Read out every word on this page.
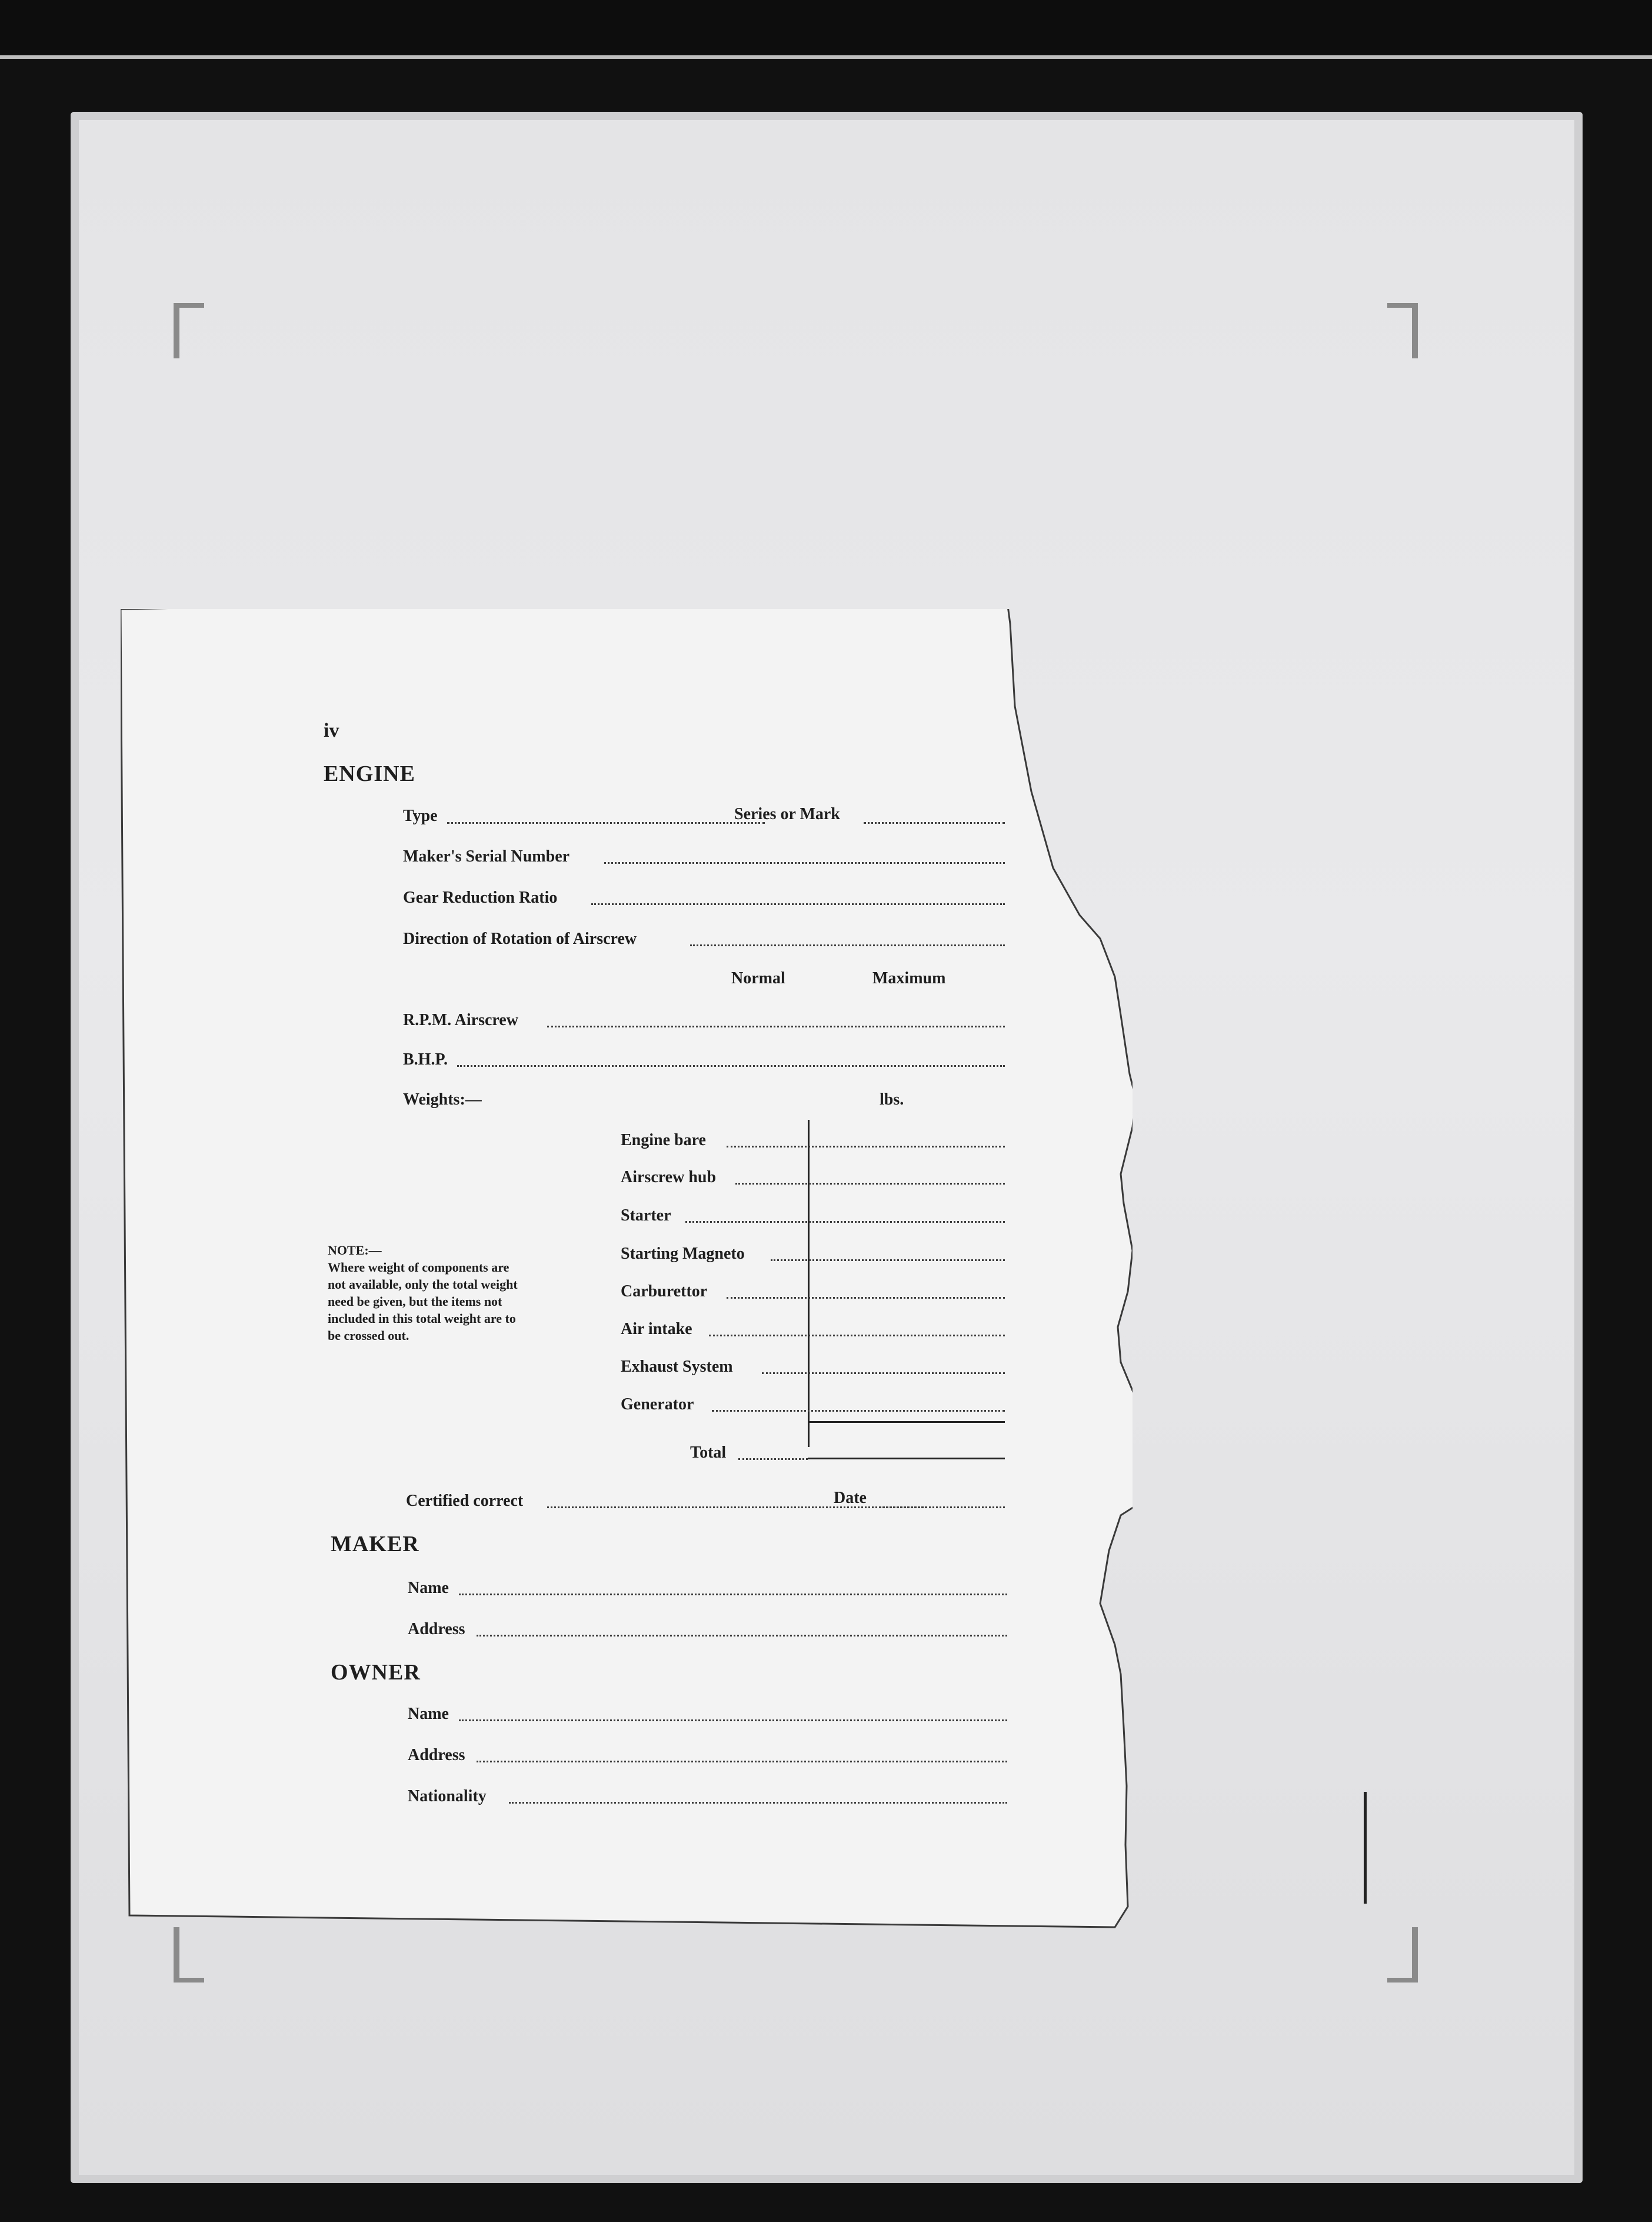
iv
ENGINE
Type	Series or Mark
Maker's Serial Number
Gear Reduction Ratio
Direction of Rotation of Airscrew
Normal	Maximum
R.P.M. Airscrew
B.H.P.
Weights:—	lbs.
Engine bare
Airscrew hub
Starter
Starting Magneto
Carburettor
Air intake
Exhaust System
Generator
Total
NOTE:—
Where weight of components are
not available, only the total weight
need be given, but the items not
included in this total weight are to
be crossed out.
Certified correct	Date
MAKER
Name
Address
OWNER
Name
Address
Nationality
